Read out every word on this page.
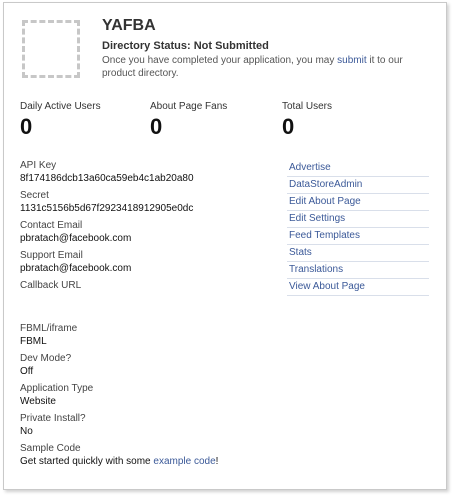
YAFBA
Directory Status: Not Submitted
Once you have completed your application, you may submit it to our product directory.
Daily Active Users
0
About Page Fans
0
Total Users
0
API Key
8f174186dcb13a60ca59eb4c1ab20a80
Secret
1131c5156b5d67f2923418912905e0dc
Contact Email
pbratach@facebook.com
Support Email
pbratach@facebook.com
Callback URL
FBML/iframe
FBML
Dev Mode?
Off
Application Type
Website
Private Install?
No
Sample Code
Get started quickly with some example code!
Advertise
DataStoreAdmin
Edit About Page
Edit Settings
Feed Templates
Stats
Translations
View About Page
